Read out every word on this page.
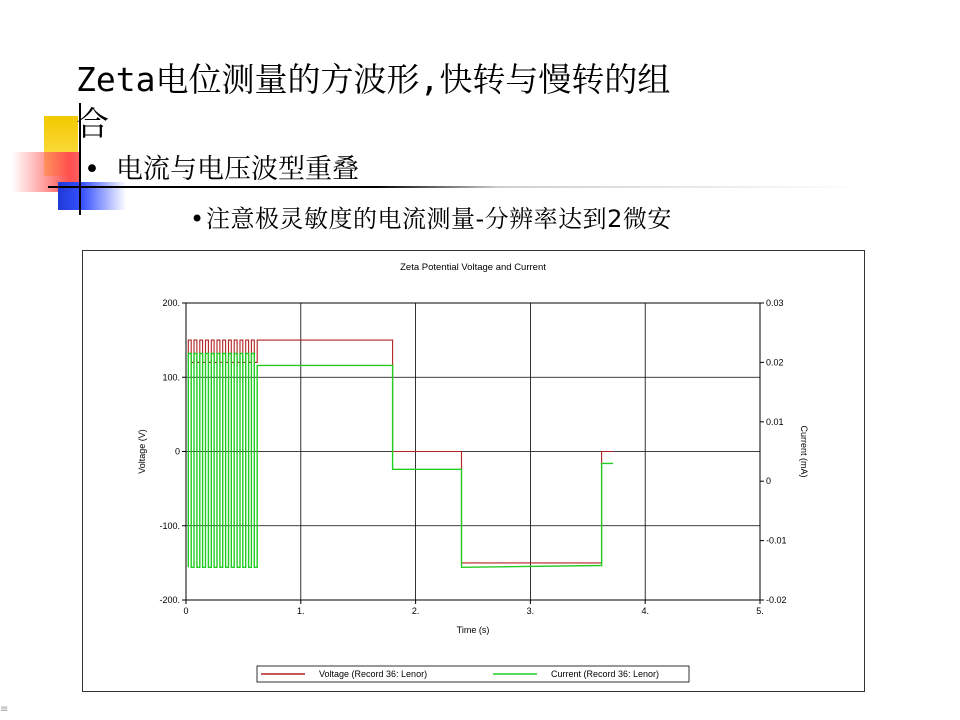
Zeta电位测量的方波形,快转与慢转的组合
• 电流与电压波型重叠
•注意极灵敏度的电流测量-分辨率达到2微安
Zeta Potential Voltage and Current
0	1.	2.	3.	4.	5.
200.
100.
0
-100.
-200.
0.03
0.02
0.01
0
-0.01
-0.02
Time (s)
Voltage (V)	Current (mA)
Voltage (Record 36: Lenor)	Current (Record 36: Lenor)
≡
